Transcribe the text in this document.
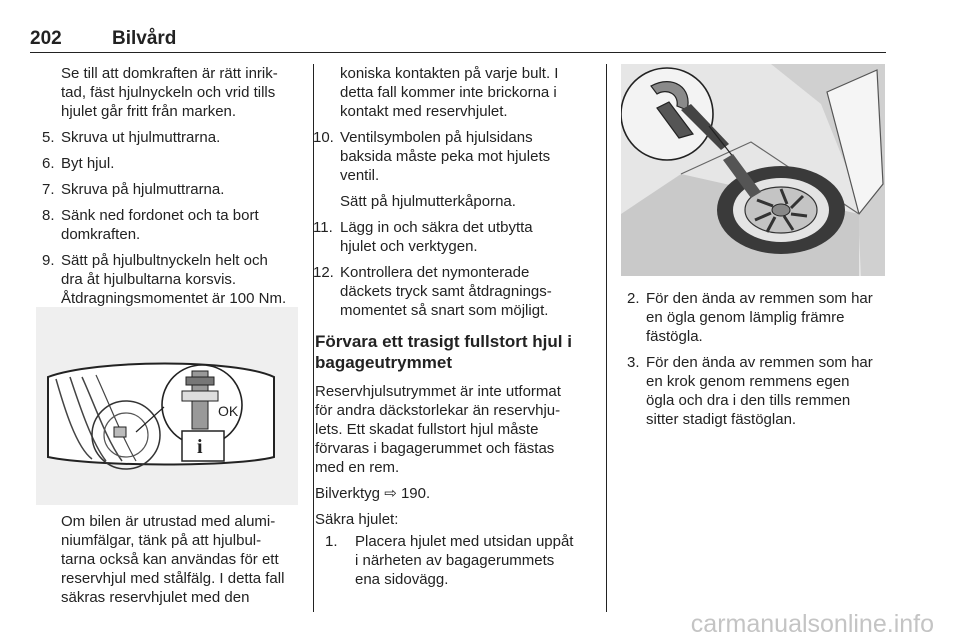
202	Bilvård

Se till att domkraften är rätt inrik-

tad, fäst hjulnyckeln och vrid tills

hjulet går fritt från marken.

5. Skruva ut hjulmuttrarna.

6. Byt hjul.

7. Skruva på hjulmuttrarna.

8. Sänk ned fordonet och ta bort

domkraften.

9. Sätt på hjulbultnyckeln helt och

dra åt hjulbultarna korsvis.

Åtdragningsmomentet är 100 Nm.

OK
i

Om bilen är utrustad med alumi-

niumfälgar, tänk på att hjulbul-

tarna också kan användas för ett

reservhjul med stålfälg. I detta fall

säkras reservhjulet med den

koniska kontakten på varje bult. I

detta fall kommer inte brickorna i

kontakt med reservhjulet.

10. Ventilsymbolen på hjulsidans

baksida måste peka mot hjulets

ventil.

Sätt på hjulmutterkåporna.

11. Lägg in och säkra det utbytta

hjulet och verktygen.

12. Kontrollera det nymonterade

däckets tryck samt åtdragnings-

momentet så snart som möjligt.

Förvara ett trasigt fullstort hjul i

bagageutrymmet

Reservhjulsutrymmet är inte utformat

för andra däckstorlekar än reservhju-

lets. Ett skadat fullstort hjul måste

förvaras i bagagerummet och fästas

med en rem.

Bilverktyg ⇨ 190.

Säkra hjulet:

1. Placera hjulet med utsidan uppåt

i närheten av bagagerummets

ena sidovägg.

2. För den ända av remmen som har

en ögla genom lämplig främre

fästögla.

3. För den ända av remmen som har

en krok genom remmens egen

ögla och dra i den tills remmen

sitter stadigt fästöglan.

carmanualsonline.info
